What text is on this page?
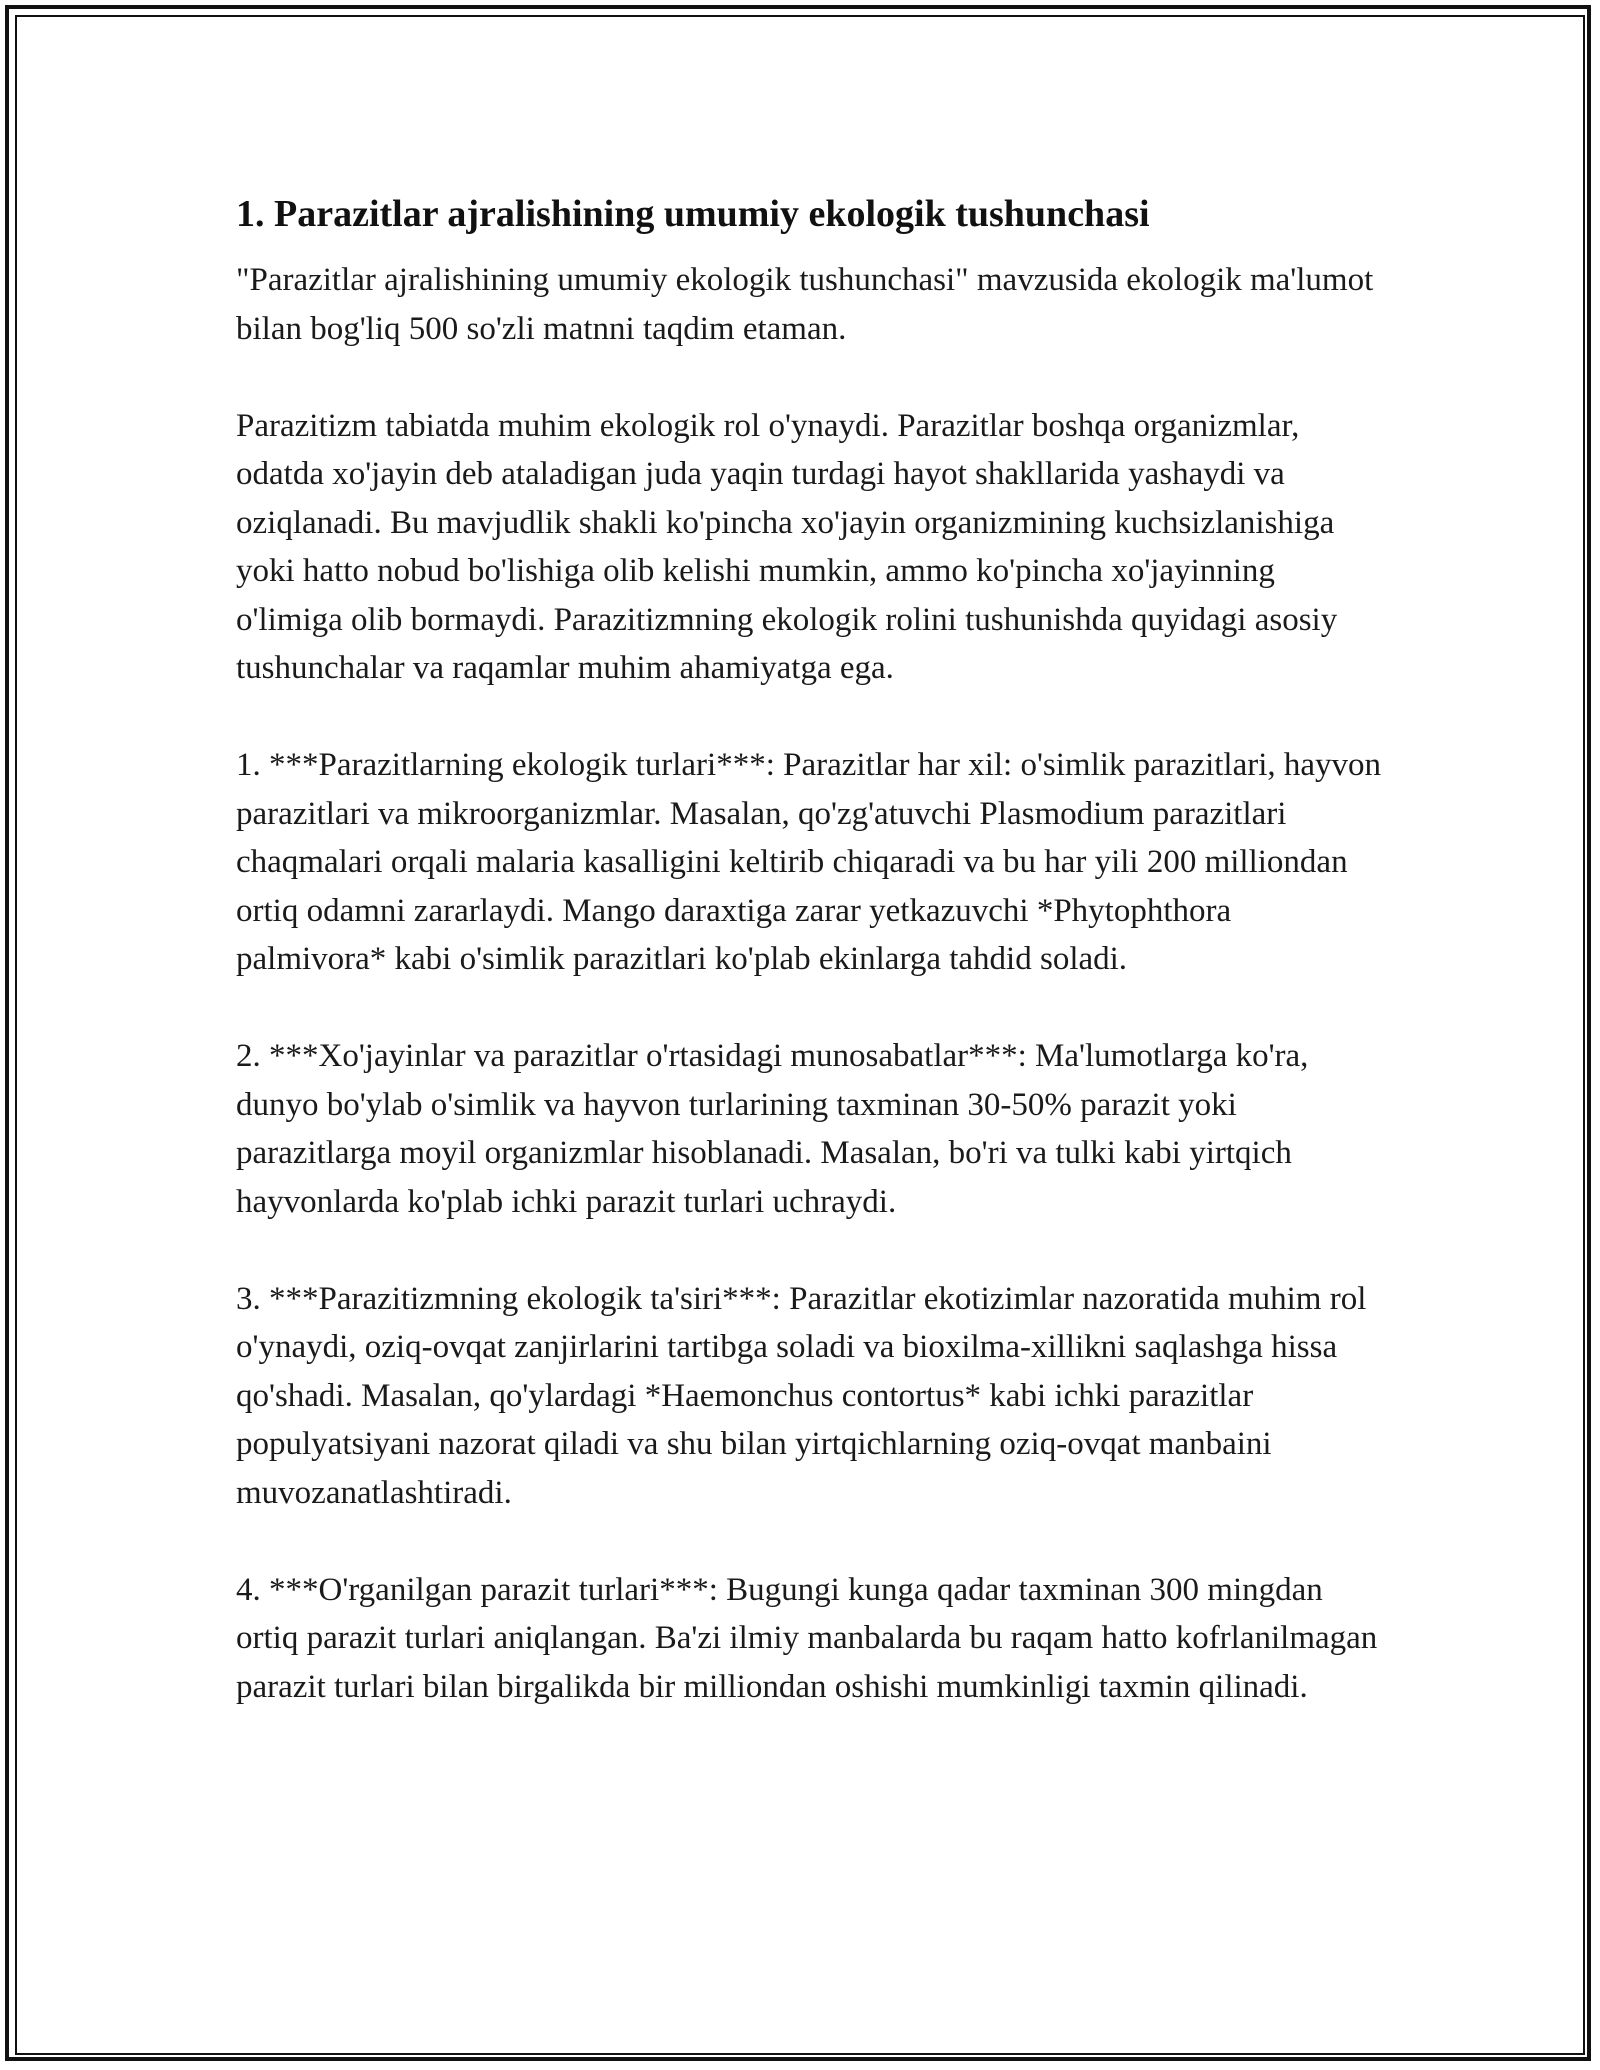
1. Parazitlar ajralishining umumiy ekologik tushunchasi

"Parazitlar ajralishining umumiy ekologik tushunchasi" mavzusida ekologik ma'lumot bilan bog'liq 500 so'zli matnni taqdim etaman.

Parazitizm tabiatda muhim ekologik rol o'ynaydi. Parazitlar boshqa organizmlar, odatda xo'jayin deb ataladigan juda yaqin turdagi hayot shakllarida yashaydi va oziqlanadi. Bu mavjudlik shakli ko'pincha xo'jayin organizmining kuchsizlanishiga yoki hatto nobud bo'lishiga olib kelishi mumkin, ammo ko'pincha xo'jayinning o'limiga olib bormaydi. Parazitizmning ekologik rolini tushunishda quyidagi asosiy tushunchalar va raqamlar muhim ahamiyatga ega.

1. ***Parazitlarning ekologik turlari***: Parazitlar har xil: o'simlik parazitlari, hayvon parazitlari va mikroorganizmlar. Masalan, qo'zg'atuvchi Plasmodium parazitlari chaqmalari orqali malaria kasalligini keltirib chiqaradi va bu har yili 200 milliondan ortiq odamni zararlaydi. Mango daraxtiga zarar yetkazuvchi *Phytophthora palmivora* kabi o'simlik parazitlari ko'plab ekinlarga tahdid soladi.

2. ***Xo'jayinlar va parazitlar o'rtasidagi munosabatlar***: Ma'lumotlarga ko'ra, dunyo bo'ylab o'simlik va hayvon turlarining taxminan 30-50% parazit yoki parazitlarga moyil organizmlar hisoblanadi. Masalan, bo'ri va tulki kabi yirtqich hayvonlarda ko'plab ichki parazit turlari uchraydi.

3. ***Parazitizmning ekologik ta'siri***: Parazitlar ekotizimlar nazoratida muhim rol o'ynaydi, oziq-ovqat zanjirlarini tartibga soladi va bioxilma-xillikni saqlashga hissa qo'shadi. Masalan, qo'ylardagi *Haemonchus contortus* kabi ichki parazitlar populyatsiyani nazorat qiladi va shu bilan yirtqichlarning oziq-ovqat manbaini muvozanatlashtiradi.

4. ***O'rganilgan parazit turlari***: Bugungi kunga qadar taxminan 300 mingdan ortiq parazit turlari aniqlangan. Ba'zi ilmiy manbalarda bu raqam hatto kofrlanilmagan parazit turlari bilan birgalikda bir milliondan oshishi mumkinligi taxmin qilinadi.
